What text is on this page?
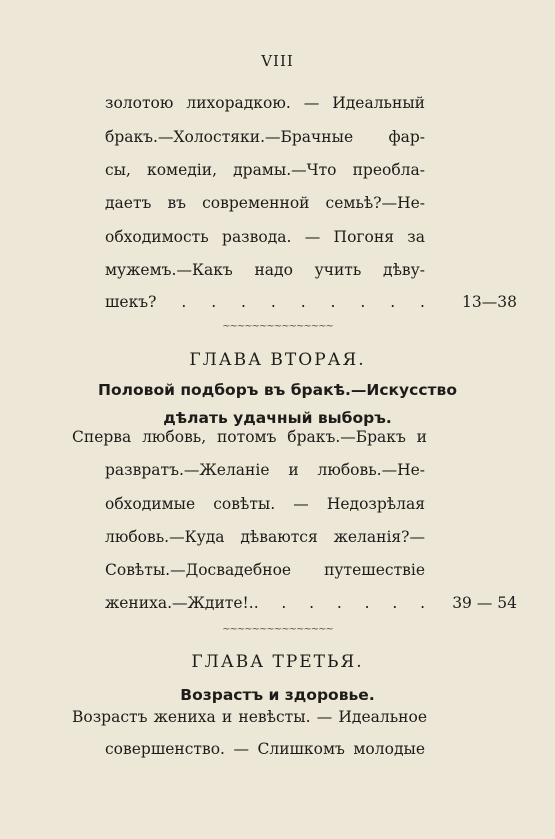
VIII
золотою лихорадкою. — Идеальный
бракъ.—Холостяки.—Брачные фар-
сы, комедіи, драмы.—Что преобла-
даетъ въ современной семьѣ?—Не-
обходимость развода. — Погоня за
мужемъ.—Какъ надо учить дѣву-
шекъ? . . . . . . . . . 13—38
~~~~~~~~~~~~~~~
ГЛАВА ВТОРАЯ.
Половой подборъ въ бракѣ.—Искусство
дѣлать удачный выборъ.
Сперва любовь, потомъ бракъ.—Бракъ и
развратъ.—Желаніе и любовь.—Не-
обходимые совѣты. — Недозрѣлая
любовь.—Куда дѣваются желанія?—
Совѣты.—Досвадебное путешествіе
жениха.—Ждите!.. . . . . . . 39 — 54
~~~~~~~~~~~~~~~
ГЛАВА ТРЕТЬЯ.
Возрастъ и здоровье.
Возрастъ жениха и невѣсты. — Идеальное
совершенство. — Слишкомъ молодые
